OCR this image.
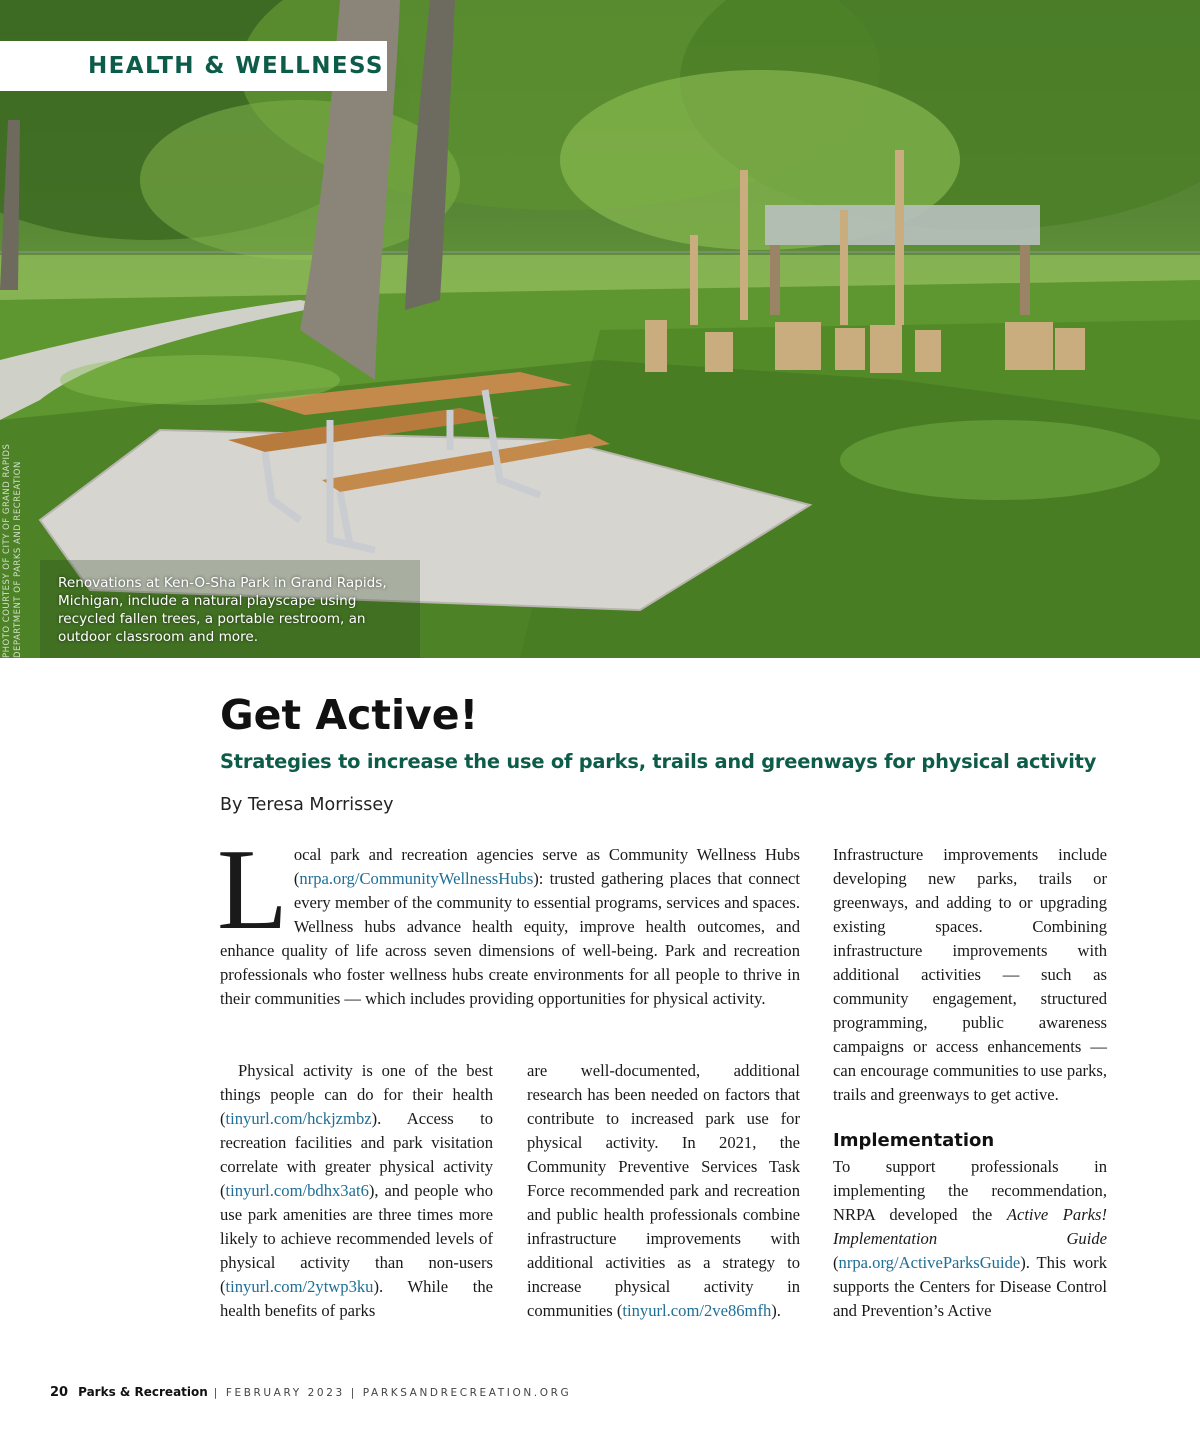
HEALTH & WELLNESS
PHOTO COURTESY OF CITY OF GRAND RAPIDS DEPARTMENT OF PARKS AND RECREATION	Renovations at Ken-O-Sha Park in Grand Rapids, Michigan, include a natural playscape using recycled fallen trees, a portable restroom, an outdoor classroom and more.
Get Active!
Strategies to increase the use of parks, trails and greenways for physical activity
By Teresa Morrissey
Local park and recreation agencies serve as Community Wellness Hubs (nrpa.org/CommunityWellnessHubs): trusted gathering places that connect every member of the community to essential programs, services and spaces. Wellness hubs advance health equity, improve health outcomes, and enhance quality of life across seven dimensions of well-being. Park and recreation professionals who foster wellness hubs create environments for all people to thrive in their communities — which includes providing opportunities for physical activity.

Physical activity is one of the best things people can do for their health (tinyurl.com/hckjzmbz). Access to recreation facilities and park visitation correlate with greater physical activity (tinyurl.com/bdhx3at6), and people who use park amenities are three times more likely to achieve recommended levels of physical activity than non-users (tinyurl.com/2ytwp3ku). While the health benefits of parks

are well-documented, additional research has been needed on factors that contribute to increased park use for physical activity. In 2021, the Community Preventive Services Task Force recommended park and recreation and public health professionals combine infrastructure improvements with additional activities as a strategy to increase physical activity in communities (tinyurl.com/2ve86mfh).

Infrastructure improvements include developing new parks, trails or greenways, and adding to or upgrading existing spaces. Combining infrastructure improvements with additional activities — such as community engagement, structured programming, public awareness campaigns or access enhancements — can encourage communities to use parks, trails and greenways to get active.

Implementation

To support professionals in implementing the recommendation, NRPA developed the Active Parks! Implementation Guide (nrpa.org/ActiveParksGuide). This work supports the Centers for Disease Control and Prevention’s Active

20 Parks & Recreation | FEBRUARY 2023 | PARKSANDRECREATION.ORG
